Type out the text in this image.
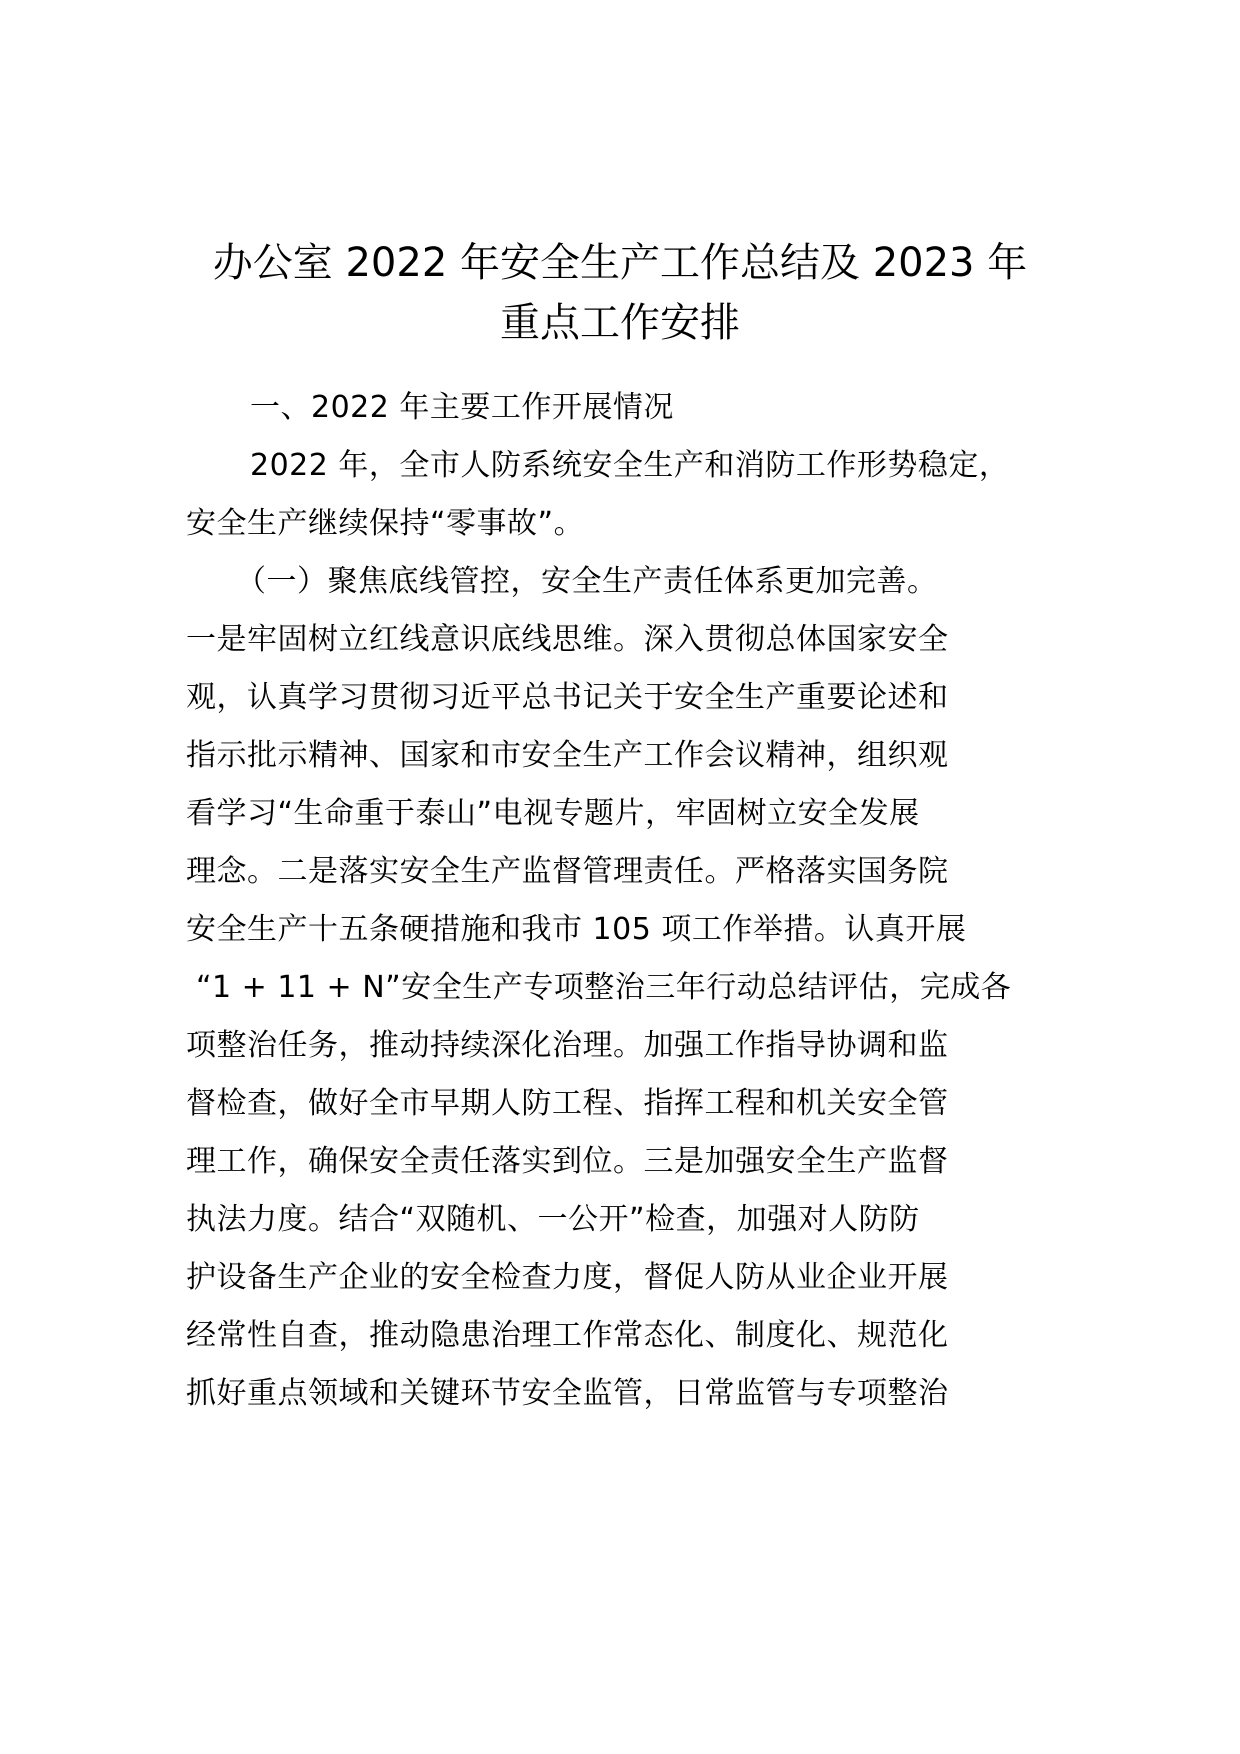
办公室 2022 年安全生产工作总结及 2023 年
重点工作安排
一、2022 年主要工作开展情况
2022 年，全市人防系统安全生产和消防工作形势稳定，
安全生产继续保持“零事故”。
（一）聚焦底线管控，安全生产责任体系更加完善。
一是牢固树立红线意识底线思维。深入贯彻总体国家安全
观，认真学习贯彻习近平总书记关于安全生产重要论述和
指示批示精神、国家和市安全生产工作会议精神，组织观
看学习“生命重于泰山”电视专题片，牢固树立安全发展
理念。二是落实安全生产监督管理责任。严格落实国务院
安全生产十五条硬措施和我市 105 项工作举措。认真开展
“1 + 11 + N”安全生产专项整治三年行动总结评估，完成各
项整治任务，推动持续深化治理。加强工作指导协调和监
督检查，做好全市早期人防工程、指挥工程和机关安全管
理工作，确保安全责任落实到位。三是加强安全生产监督
执法力度。结合“双随机、一公开”检查，加强对人防防
护设备生产企业的安全检查力度，督促人防从业企业开展
经常性自查，推动隐患治理工作常态化、制度化、规范化
抓好重点领域和关键环节安全监管，日常监管与专项整治
